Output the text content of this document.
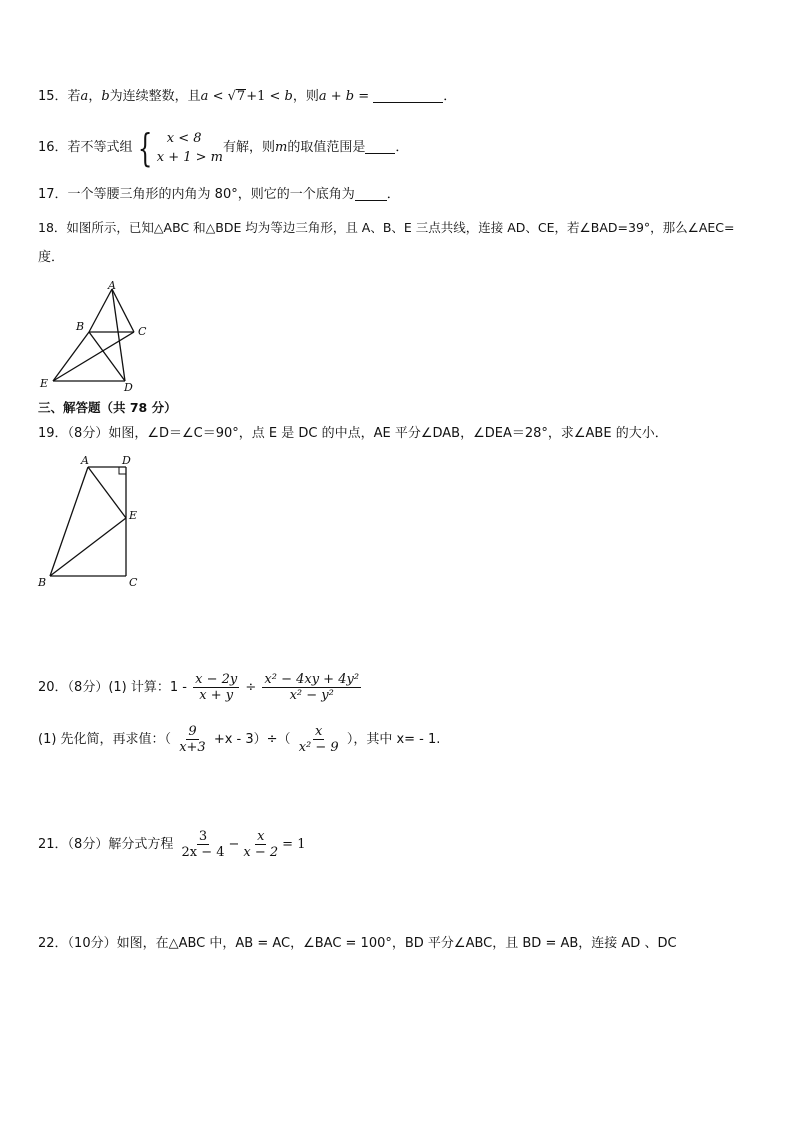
15．若a，b为连续整数，且a < √7+1 < b，则a + b =	．
16．若不等式组 {	x < 8
x + 1 > m
有解，则m的取值范围是 ．
17．一个等腰三角形的内角为 80°，则它的一个底角为 ．
18．如图所示，已知△ABC 和△BDE 均为等边三角形，且 A、B、E 三点共线，连接 AD、CE，若∠BAD=39°，那么∠AEC=
度．
A
B	C
D
E
三、解答题（共 78 分）
19．（8分）如图，∠D＝∠C＝90°，点 E 是 DC 的中点，AE 平分∠DAB，∠DEA＝28°，求∠ABE 的大小．
A	D
E
B	C
20．（8分）(1) 计算：$1 - \frac{x - 2y}{x + y} \div \frac{\text{x² − 4xy + 4y²}}{\text{x² − y²}}$
(1) 先化简，再求值：（ $\frac{9}{x+3} +x - 3)\div( \frac{x}{\text{x² − 9}}$ ），其中 x= - 1.
21．（8分）解分式方程 $\frac{3}{2x - 4} - \frac{x}{x - 2} = 1$
22．（10分）如图，在△ABC 中，AB = AC，∠BAC = 100°，BD 平分∠ABC，且 BD = AB，连接 AD 、DC
